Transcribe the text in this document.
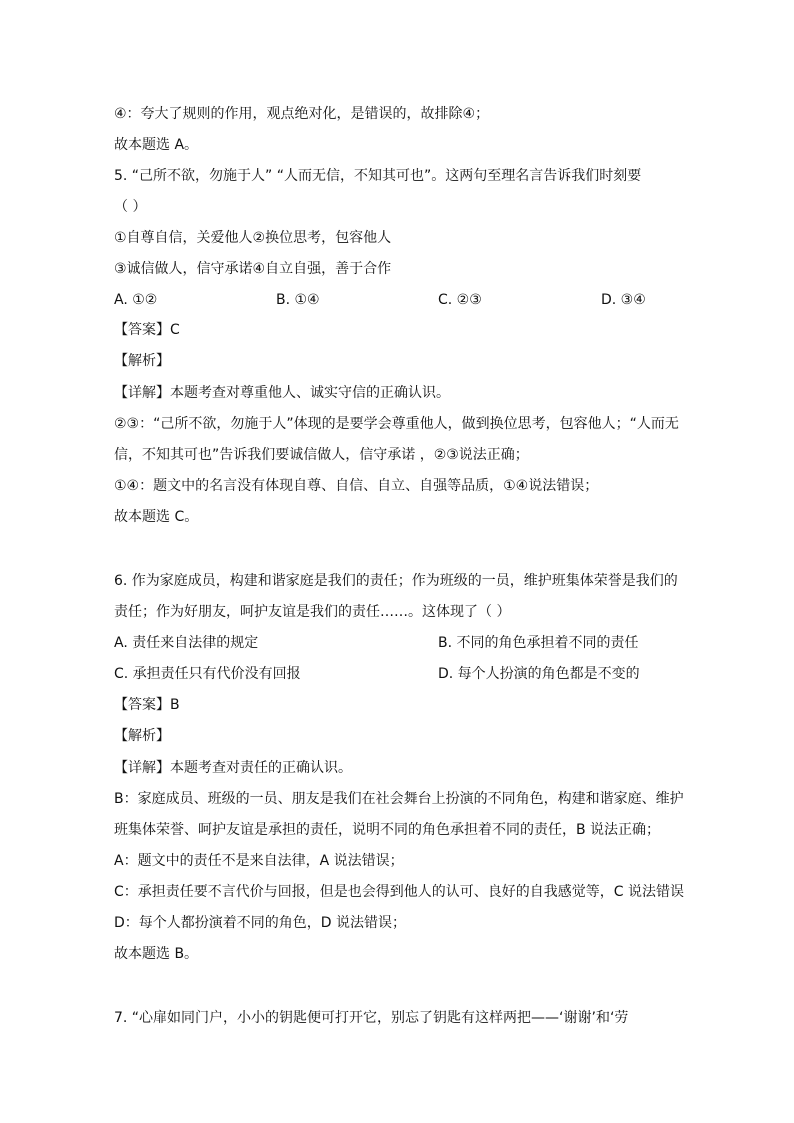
④：夸大了规则的作用，观点绝对化，是错误的，故排除④；
故本题选 A。
5. “己所不欲，勿施于人” “人而无信，不知其可也”。这两句至理名言告诉我们时刻要
（ ）
①自尊自信，关爱他人②换位思考，包容他人
③诚信做人，信守承诺④自立自强，善于合作
A. ①②	B. ①④	C. ②③	D. ③④
【答案】C
【解析】
【详解】本题考查对尊重他人、诚实守信的正确认识。
②③：“己所不欲，勿施于人”体现的是要学会尊重他人，做到换位思考，包容他人；“人而无
信，不知其可也”告诉我们要诚信做人，信守承诺 ，②③说法正确；
①④：题文中的名言没有体现自尊、自信、自立、自强等品质，①④说法错误；
故本题选 C。
6. 作为家庭成员，构建和谐家庭是我们的责任；作为班级的一员，维护班集体荣誉是我们的
责任；作为好朋友，呵护友谊是我们的责任……。这体现了（ ）
A. 责任来自法律的规定	B. 不同的角色承担着不同的责任
C. 承担责任只有代价没有回报	D. 每个人扮演的角色都是不变的
【答案】B
【解析】
【详解】本题考查对责任的正确认识。
B：家庭成员、班级的一员、朋友是我们在社会舞台上扮演的不同角色，构建和谐家庭、维护
班集体荣誉、呵护友谊是承担的责任，说明不同的角色承担着不同的责任，B 说法正确；
A：题文中的责任不是来自法律，A 说法错误；
C：承担责任要不言代价与回报，但是也会得到他人的认可、良好的自我感觉等，C 说法错误
D：每个人都扮演着不同的角色，D 说法错误；
故本题选 B。
7. “心扉如同门户，小小的钥匙便可打开它，别忘了钥匙有这样两把——‘谢谢’和‘劳
